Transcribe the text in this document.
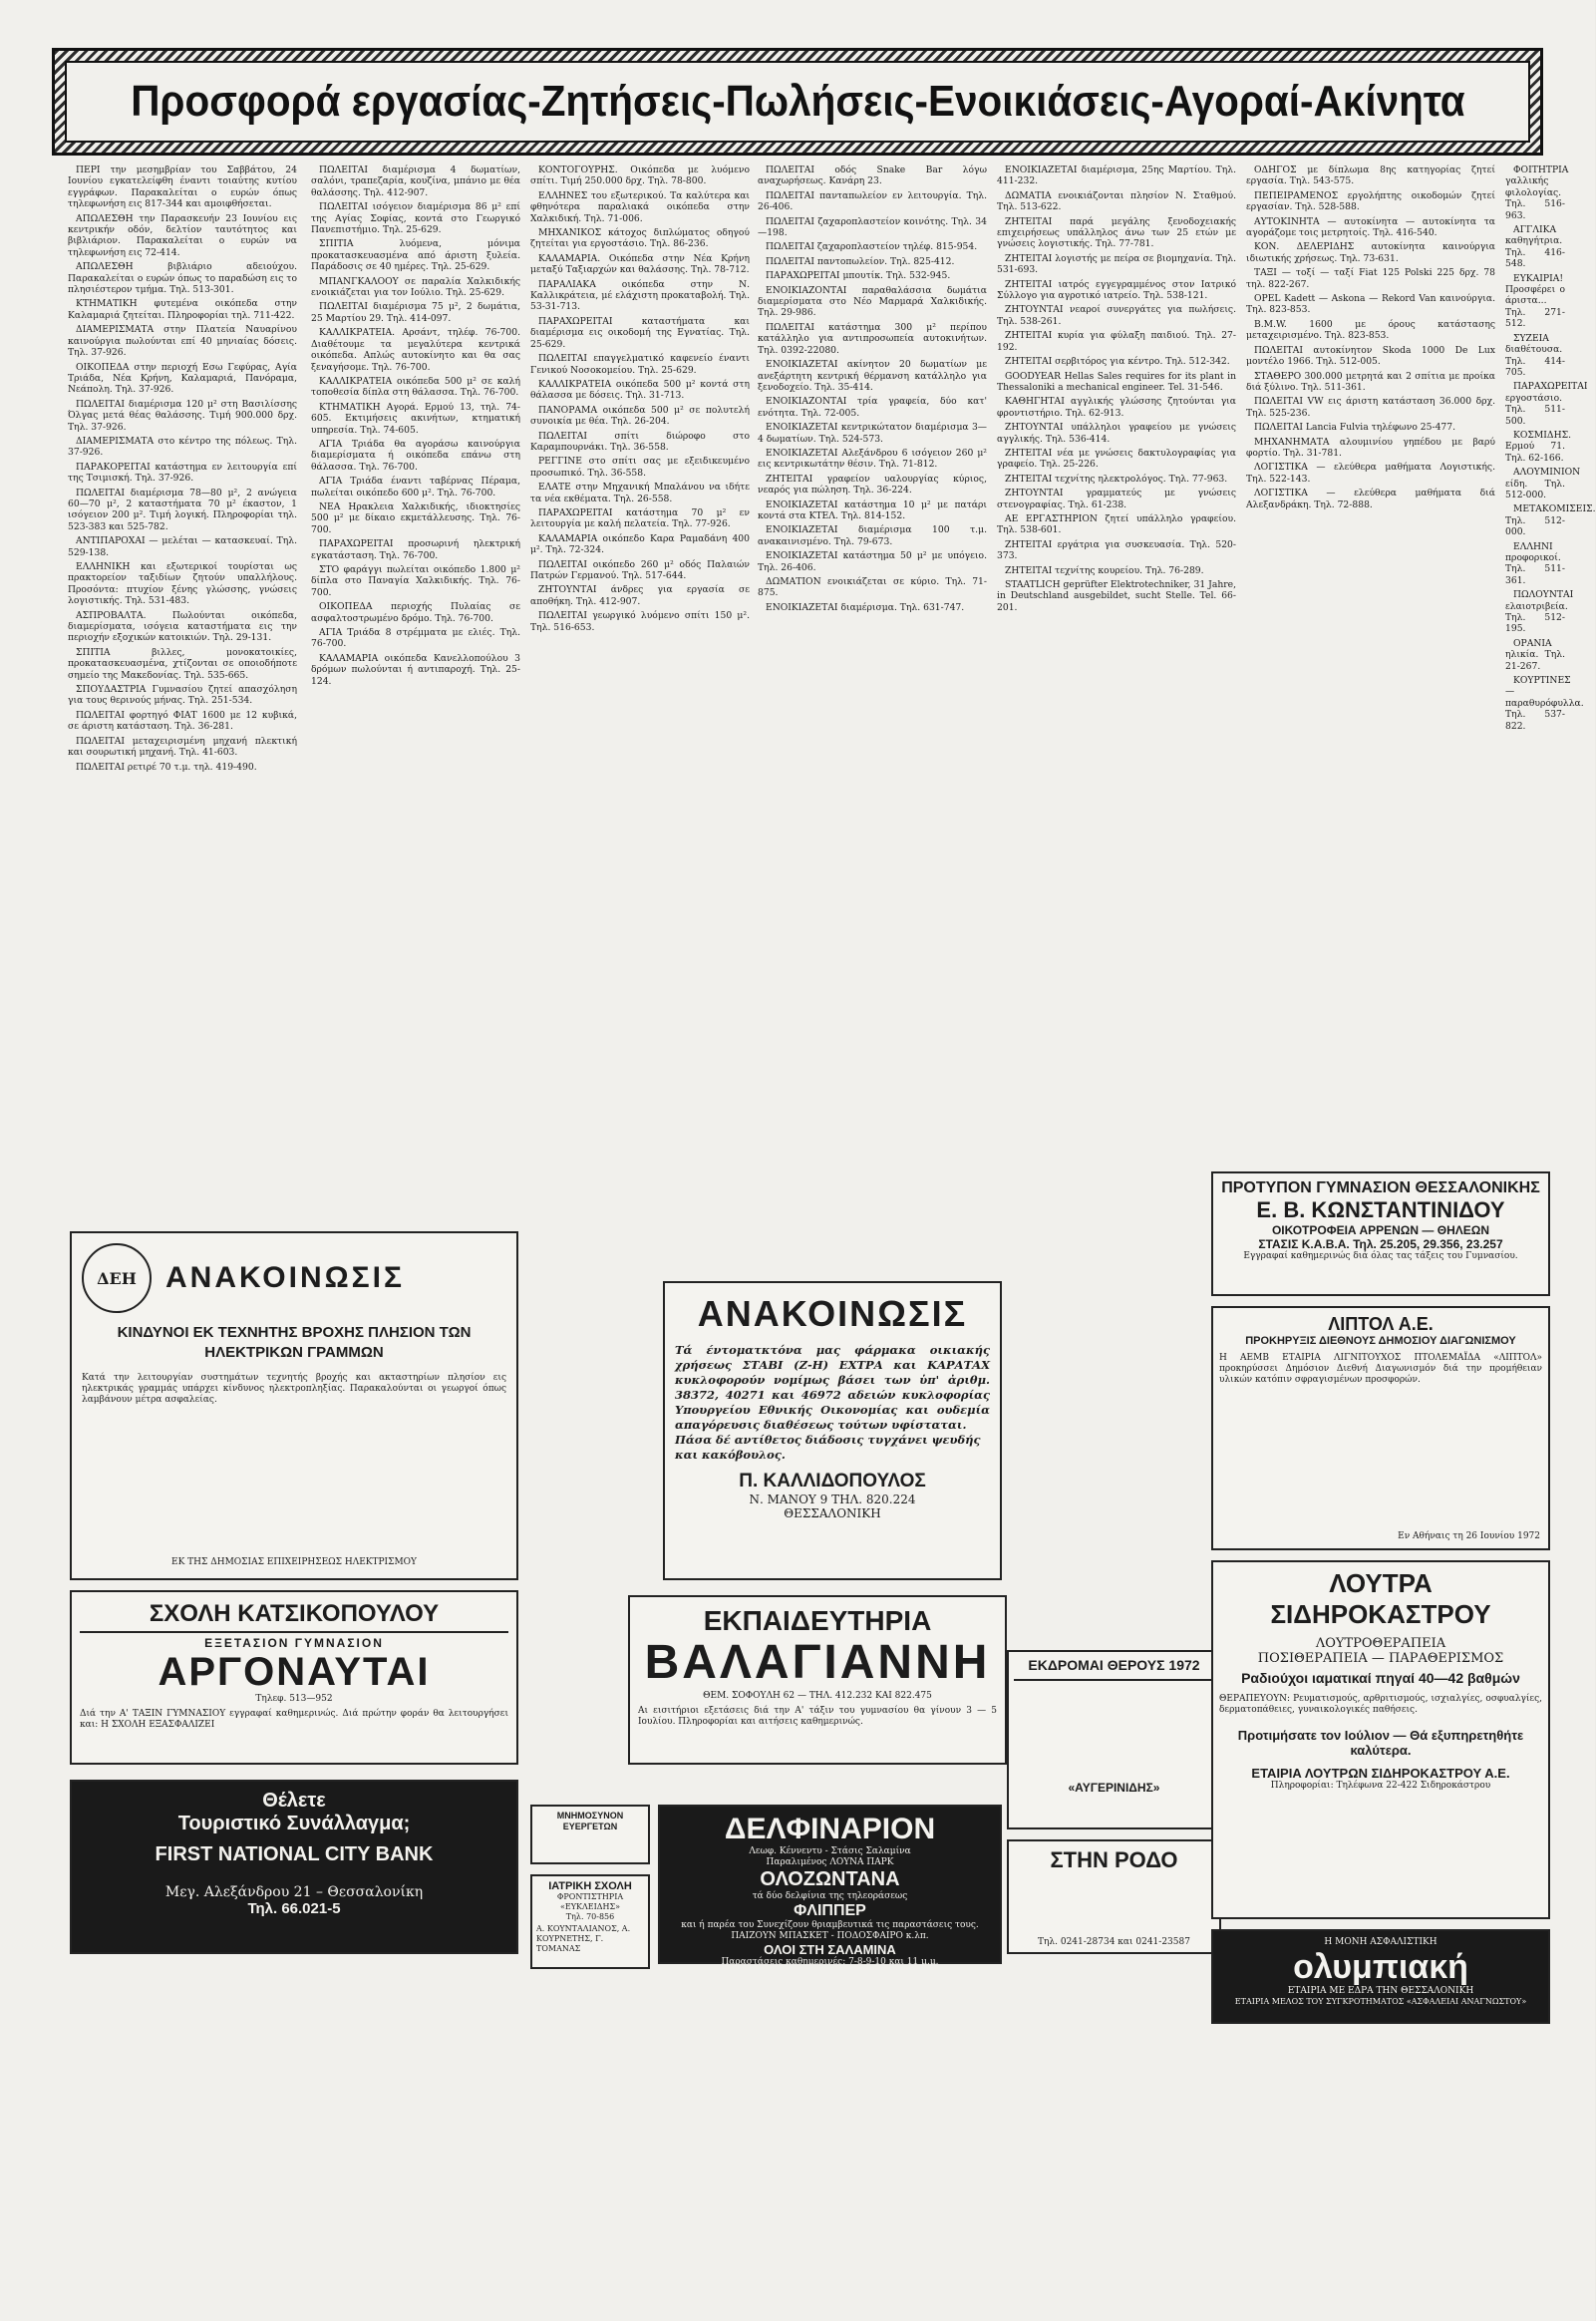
Προσφορά εργασίας-Ζητήσεις-Πωλήσεις-Ενοικιάσεις-Αγοραί-Ακίνητα

ΠΕΡΙ την μεσημβρίαν του Σαββάτου, 24 Ιουνίου εγκατελείφθη έναντι τοιαύτης κυτίου εγγράφων. Παρακαλείται ο ευρών όπως τηλεφωνήση εις 817-344 και αμοιφθήσεται.

ΑΠΩΛΕΣΘΗ την Παρασκευήν 23 Ιουνίου εις κεντρικήν οδόν, δελτίον ταυτότητος και βιβλιάριον. Παρακαλείται ο ευρών να τηλεφωνήση εις 72-414.

ΑΠΩΛΕΣΘΗ βιβλιάριο αδειούχου. Παρακαλείται ο ευρών όπως το παραδώση εις το πλησιέστερον τμήμα. Τηλ. 513-301.

ΚΤΗΜΑΤΙΚΗ φυτεμένα οικόπεδα στην Καλαμαριά ζητείται. Πληροφορίαι τηλ. 711-422.

ΔΙΑΜΕΡΙΣΜΑΤΑ στην Πλατεία Ναυαρίνου καινούργια πωλούνται επί 40 μηνιαίας δόσεις. Τηλ. 37-926.

ΟΙΚΟΠΕΔΑ στην περιοχή Εσω Γεφύρας, Αγία Τριάδα, Νέα Κρήνη, Καλαμαριά, Πανόραμα, Νεάπολη. Τηλ. 37-926.

ΠΩΛΕΙΤΑΙ διαμέρισμα 120 μ² στη Βασιλίσσης Όλγας μετά θέας θαλάσσης. Τιμή 900.000 δρχ. Τηλ. 37-926.

ΔΙΑΜΕΡΙΣΜΑΤΑ στο κέντρο της πόλεως. Τηλ. 37-926.

ΠΑΡΑΚΟΡΕΙΤΑΙ κατάστημα εν λειτουργία επί της Τσιμισκή. Τηλ. 37-926.

ΠΩΛΕΙΤΑΙ διαμέρισμα 78—80 μ², 2 ανώγεια 60—70 μ², 2 καταστήματα 70 μ² έκαστον, 1 ισόγειον 200 μ². Τιμή λογική. Πληροφορίαι τηλ. 523-383 και 525-782.

ΑΝΤΙΠΑΡΟΧΑΙ — μελέται — κατασκευαί. Τηλ. 529-138.

ΕΛΛΗΝΙΚΗ και εξωτερικοί τουρίσται ως πρακτορείον ταξιδίων ζητούν υπαλλήλους. Προσόντα: πτυχίον ξένης γλώσσης, γνώσεις λογιστικής. Τηλ. 531-483.

ΑΣΠΡΟΒΑΛΤΑ. Πωλούνται οικόπεδα, διαμερίσματα, ισόγεια καταστήματα εις την περιοχήν εξοχικών κατοικιών. Τηλ. 29-131.

ΣΠΙΤΙΑ βιλλες, μονοκατοικίες, προκατασκευασμένα, χτίζονται σε οποιοδήποτε σημείο της Μακεδονίας. Τηλ. 535-665.

ΣΠΟΥΔΑΣΤΡΙΑ Γυμνασίου ζητεί απασχόληση για τους θερινούς μήνας. Τηλ. 251-534.

ΠΩΛΕΙΤΑΙ φορτηγό ΦΙΑΤ 1600 με 12 κυβικά, σε άριστη κατάσταση. Τηλ. 36-281.

ΠΩΛΕΙΤΑΙ μεταχειρισμένη μηχανή πλεκτική και σουρωτική μηχανή. Τηλ. 41-603.

ΠΩΛΕΙΤΑΙ ρετιρέ 70 τ.μ. τηλ. 419-490.

ΠΩΛΕΙΤΑΙ διαμέρισμα 4 δωματίων, σαλόνι, τραπεζαρία, κουζίνα, μπάνιο με θέα θαλάσσης. Τηλ. 412-907.

ΠΩΛΕΙΤΑΙ ισόγειον διαμέρισμα 86 μ² επί της Αγίας Σοφίας, κοντά στο Γεωργικό Πανεπιστήμιο. Τηλ. 25-629.

ΣΠΙΤΙΑ λυόμενα, μόνιμα προκατασκευασμένα από άριστη ξυλεία. Παράδοσις σε 40 ημέρες. Τηλ. 25-629.

ΜΠΑΝΓΚΑΛΟΟΥ σε παραλία Χαλκιδικής ενοικιάζεται για τον Ιούλιο. Τηλ. 25-629.

ΠΩΛΕΙΤΑΙ διαμέρισμα 75 μ², 2 δωμάτια, 25 Μαρτίου 29. Τηλ. 414-097.

ΚΑΛΛΙΚΡΑΤΕΙΑ. Αρσάντ, τηλέφ. 76-700. Διαθέτουμε τα μεγαλύτερα κεντρικά οικόπεδα. Απλώς αυτοκίνητο και θα σας ξεναγήσομε. Τηλ. 76-700.

ΚΑΛΛΙΚΡΑΤΕΙΑ οικόπεδα 500 μ² σε καλή τοποθεσία δίπλα στη θάλασσα. Τηλ. 76-700.

ΚΤΗΜΑΤΙΚΗ Αγορά. Ερμού 13, τηλ. 74-605. Εκτιμήσεις ακινήτων, κτηματική υπηρεσία. Τηλ. 74-605.

ΑΓΙΑ Τριάδα θα αγοράσω καινούργια διαμερίσματα ή οικόπεδα επάνω στη θάλασσα. Τηλ. 76-700.

ΑΓΙΑ Τριάδα έναντι ταβέρνας Πέραμα, πωλείται οικόπεδο 600 μ². Τηλ. 76-700.

ΝΕΑ Ηρακλεια Χαλκιδικής, ιδιοκτησίες 500 μ² με δίκαιο εκμετάλλευσης. Τηλ. 76-700.

ΠΑΡΑΧΩΡΕΙΤΑΙ προσωρινή ηλεκτρική εγκατάσταση. Τηλ. 76-700.

ΣΤΟ φαράγγι πωλείται οικόπεδο 1.800 μ² δίπλα στο Παναγία Χαλκιδικής. Τηλ. 76-700.

ΟΙΚΟΠΕΔΑ περιοχής Πυλαίας σε ασφαλτοστρωμένο δρόμο. Τηλ. 76-700.

ΑΓΙΑ Τριάδα 8 στρέμματα με ελιές. Τηλ. 76-700.

ΚΑΛΑΜΑΡΙΑ οικόπεδα Κανελλοπούλου 3 δρόμων πωλούνται ή αντιπαροχή. Τηλ. 25-124.

ΚΟΝΤΟΓΟΥΡΗΣ. Οικόπεδα με λυόμενο σπίτι. Τιμή 250.000 δρχ. Τηλ. 78-800.

ΕΛΛΗΝΕΣ του εξωτερικού. Τα καλύτερα και φθηνότερα παραλιακά οικόπεδα στην Χαλκιδική. Τηλ. 71-006.

ΜΗΧΑΝΙΚΟΣ κάτοχος διπλώματος οδηγού ζητείται για εργοστάσιο. Τηλ. 86-236.

ΚΑΛΑΜΑΡΙΑ. Οικόπεδα στην Νέα Κρήνη μεταξύ Ταξιαρχών και θαλάσσης. Τηλ. 78-712.

ΠΑΡΑΛΙΑΚΑ οικόπεδα στην Ν. Καλλικράτεια, μέ ελάχιστη προκαταβολή. Τηλ. 53-31-713.

ΠΑΡΑΧΩΡΕΙΤΑΙ καταστήματα και διαμέρισμα εις οικοδομή της Εγνατίας. Τηλ. 25-629.

ΠΩΛΕΙΤΑΙ επαγγελματικό καφενείο έναντι Γενικού Νοσοκομείου. Τηλ. 25-629.

ΚΑΛΛΙΚΡΑΤΕΙΑ οικόπεδα 500 μ² κοντά στη θάλασσα με δόσεις. Τηλ. 31-713.

ΠΑΝΟΡΑΜΑ οικόπεδα 500 μ² σε πολυτελή συνοικία με θέα. Τηλ. 26-204.

ΠΩΛΕΙΤΑΙ σπίτι διώροφο στο Καραμπουρνάκι. Τηλ. 36-558.

ΡΕΓΓΙΝΕ στο σπίτι σας με εξειδικευμένο προσωπικό. Τηλ. 36-558.

ΕΛΑΤΕ στην Μηχανική Μπαλάνου να ιδήτε τα νέα εκθέματα. Τηλ. 26-558.

ΠΑΡΑΧΩΡΕΙΤΑΙ κατάστημα 70 μ² εν λειτουργία με καλή πελατεία. Τηλ. 77-926.

ΚΑΛΑΜΑΡΙΑ οικόπεδο Καρα Ραμαδάνη 400 μ². Τηλ. 72-324.

ΠΩΛΕΙΤΑΙ οικόπεδο 260 μ² οδός Παλαιών Πατρών Γερμανού. Τηλ. 517-644.

ΖΗΤΟΥΝΤΑΙ άνδρες για εργασία σε αποθήκη. Τηλ. 412-907.

ΠΩΛΕΙΤΑΙ γεωργικό λυόμενο σπίτι 150 μ². Τηλ. 516-653.

ΠΩΛΕΙΤΑΙ οδός Snake Bar λόγω αναχωρήσεως. Κανάρη 23.

ΠΩΛΕΙΤΑΙ πανταπωλείον εν λειτουργία. Τηλ. 26-406.

ΠΩΛΕΙΤΑΙ ζαχαροπλαστείον κοινότης. Τηλ. 34—198.

ΠΩΛΕΙΤΑΙ ζαχαροπλαστείον τηλέφ. 815-954.

ΠΩΛΕΙΤΑΙ παντοπωλείον. Τηλ. 825-412.

ΠΑΡΑΧΩΡΕΙΤΑΙ μπουτίκ. Τηλ. 532-945.

ΕΝΟΙΚΙΑΖΟΝΤΑΙ παραθαλάσσια δωμάτια διαμερίσματα στο Νέο Μαρμαρά Χαλκιδικής. Τηλ. 29-986.

ΠΩΛΕΙΤΑΙ κατάστημα 300 μ² περίπου κατάλληλο για αντιπροσωπεία αυτοκινήτων. Τηλ. 0392-22080.

ΕΝΟΙΚΙΑΖΕΤΑΙ ακίνητον 20 δωματίων με ανεξάρτητη κεντρική θέρμανση κατάλληλο για ξενοδοχείο. Τηλ. 35-414.

ΕΝΟΙΚΙΑΖΟΝΤΑΙ τρία γραφεία, δύο κατ' ενότητα. Τηλ. 72-005.

ΕΝΟΙΚΙΑΖΕΤΑΙ κεντρικώτατον διαμέρισμα 3—4 δωματίων. Τηλ. 524-573.

ΕΝΟΙΚΙΑΖΕΤΑΙ Αλεξάνδρου 6 ισόγειον 260 μ² εις κεντρικωτάτην θέσιν. Τηλ. 71-812.

ΖΗΤΕΙΤΑΙ γραφείον υαλουργίας κύριος, νεαρός για πώληση. Τηλ. 36-224.

ΕΝΟΙΚΙΑΖΕΤΑΙ κατάστημα 10 μ² με πατάρι κοντά στα ΚΤΕΛ. Τηλ. 814-152.

ΕΝΟΙΚΙΑΖΕΤΑΙ διαμέρισμα 100 τ.μ. ανακαινισμένο. Τηλ. 79-673.

ΕΝΟΙΚΙΑΖΕΤΑΙ κατάστημα 50 μ² με υπόγειο. Τηλ. 26-406.

ΔΩΜΑΤΙΟΝ ενοικιάζεται σε κύριο. Τηλ. 71-875.

ΕΝΟΙΚΙΑΖΕΤΑΙ διαμέρισμα. Τηλ. 631-747.

ΕΝΟΙΚΙΑΖΕΤΑΙ διαμέρισμα, 25ης Μαρτίου. Τηλ. 411-232.

ΔΩΜΑΤΙΑ ενοικιάζονται πλησίον Ν. Σταθμού. Τηλ. 513-622.

ΖΗΤΕΙΤΑΙ παρά μεγάλης ξενοδοχειακής επιχειρήσεως υπάλληλος άνω των 25 ετών με γνώσεις λογιστικής. Τηλ. 77-781.

ΖΗΤΕΙΤΑΙ λογιστής με πείρα σε βιομηχανία. Τηλ. 531-693.

ΖΗΤΕΙΤΑΙ ιατρός εγγεγραμμένος στον Ιατρικό Σύλλογο για αγροτικό ιατρείο. Τηλ. 538-121.

ΖΗΤΟΥΝΤΑΙ νεαροί συνεργάτες για πωλήσεις. Τηλ. 538-261.

ΖΗΤΕΙΤΑΙ κυρία για φύλαξη παιδιού. Τηλ. 27-192.

ΖΗΤΕΙΤΑΙ σερβιτόρος για κέντρο. Τηλ. 512-342.

GOODYEAR Hellas Sales requires for its plant in Thessaloniki a mechanical engineer. Tel. 31-546.

ΚΑΘΗΓΗΤΑΙ αγγλικής γλώσσης ζητούνται για φροντιστήριο. Τηλ. 62-913.

ΖΗΤΟΥΝΤΑΙ υπάλληλοι γραφείου με γνώσεις αγγλικής. Τηλ. 536-414.

ΖΗΤΕΙΤΑΙ νέα με γνώσεις δακτυλογραφίας για γραφείο. Τηλ. 25-226.

ΖΗΤΕΙΤΑΙ τεχνίτης ηλεκτρολόγος. Τηλ. 77-963.

ΖΗΤΟΥΝΤΑΙ γραμματεύς με γνώσεις στενογραφίας. Τηλ. 61-238.

ΑΕ ΕΡΓΑΣΤΗΡΙΟΝ ζητεί υπάλληλο γραφείου. Τηλ. 538-601.

ΖΗΤΕΙΤΑΙ εργάτρια για συσκευασία. Τηλ. 520-373.

ΖΗΤΕΙΤΑΙ τεχνίτης κουρείου. Τηλ. 76-289.

STAATLICH geprüfter Elektrotechniker, 31 Jahre, in Deutschland ausgebildet, sucht Stelle. Tel. 66-201.

ΟΔΗΓΟΣ με δίπλωμα 8ης κατηγορίας ζητεί εργασία. Τηλ. 543-575.

ΠΕΠΕΙΡΑΜΕΝΟΣ εργολήπτης οικοδομών ζητεί εργασίαν. Τηλ. 528-588.

ΑΥΤΟΚΙΝΗΤΑ — αυτοκίνητα — αυτοκίνητα τα αγοράζομε τοις μετρητοίς. Τηλ. 416-540.

ΚΟΝ. ΔΕΛΕΡΙΔΗΣ αυτοκίνητα καινούργια ιδιωτικής χρήσεως. Τηλ. 73-631.

ΤΑΞΙ — τοξί — ταξί Fiat 125 Polski 225 δρχ. 78 τηλ. 822-267.

OPEL Kadett — Askona — Rekord Van καινούργια. Τηλ. 823-853.

B.M.W. 1600 με όρους κατάστασης μεταχειρισμένο. Τηλ. 823-853.

ΠΩΛΕΙΤΑΙ αυτοκίνητον Skoda 1000 De Lux μοντέλο 1966. Τηλ. 512-005.

ΣΤΑΘΕΡΟ 300.000 μετρητά και 2 σπίτια με προίκα διά ξύλινο. Τηλ. 511-361.

ΠΩΛΕΙΤΑΙ VW εις άριστη κατάσταση 36.000 δρχ. Τηλ. 525-236.

ΠΩΛΕΙΤΑΙ Lancia Fulvia τηλέφωνο 25-477.

ΜΗΧΑΝΗΜΑΤΑ αλουμινίου γηπέδου με βαρύ φορτίο. Τηλ. 31-781.

ΛΟΓΙΣΤΙΚΑ — ελεύθερα μαθήματα Λογιστικής. Τηλ. 522-143.

ΛΟΓΙΣΤΙΚΑ — ελεύθερα μαθήματα διά Αλεξανδράκη. Τηλ. 72-888.

ΦΟΙΤΗΤΡΙΑ γαλλικής φιλολογίας. Τηλ. 516-963.

ΑΓΓΛΙΚΑ καθηγήτρια. Τηλ. 416-548.

ΕΥΚΑΙΡΙΑ! Προσφέρει ο άριστα... Τηλ. 271-512.

ΣΥΖΕΙΑ διαθέτουσα. Τηλ. 414-705.

ΠΑΡΑΧΩΡΕΙΤΑΙ εργοστάσιο. Τηλ. 511-500.

ΚΟΣΜΙΔΗΣ. Ερμού 71. Τηλ. 62-166.

ΑΛΟΥΜΙΝΙΟΝ είδη. Τηλ. 512-000.

ΜΕΤΑΚΟΜΙΣΕΙΣ. Τηλ. 512-000.

ΕΛΛΗΝΙ προφορικοί. Τηλ. 511-361.

ΠΩΛΟΥΝΤΑΙ ελαιοτριβεία. Τηλ. 512-195.

ΟΡΑΝΙΑ ηλικία. Τηλ. 21-267.

ΚΟΥΡΤΙΝΕΣ — παραθυρόφυλλα. Τηλ. 537-822.

ΔΕΗ ΑΝΑΚΟΙΝΩΣΙΣ
ΚΙΝΔΥΝΟΙ ΕΚ ΤΕΧΝΗΤΗΣ ΒΡΟΧΗΣ ΠΛΗΣΙΟΝ ΤΩΝ ΗΛΕΚΤΡΙΚΩΝ ΓΡΑΜΜΩΝ
Κατά την λειτουργίαν συστημάτων τεχνητής βροχής και ακταστηρίων πλησίον εις ηλεκτρικάς γραμμάς υπάρχει κίνδυνος ηλεκτροπληξίας. Παρακαλούνται οι γεωργοί όπως λαμβάνουν μέτρα ασφαλείας.
ΕΚ ΤΗΣ ΔΗΜΟΣΙΑΣ ΕΠΙΧΕΙΡΗΣΕΩΣ ΗΛΕΚΤΡΙΣΜΟΥ
ΣΧΟΛΗ ΚΑΤΣΙΚΟΠΟΥΛΟΥ
ΕΞΕΤΑΣΙΟΝ ΓΥΜΝΑΣΙΟΝ
ΑΡΓΟΝΑΥΤΑΙ
Τηλεφ. 513—952
Διά την Α' ΤΑΞΙΝ ΓΥΜΝΑΣΙΟΥ εγγραφαί καθημερινώς. Διά πρώτην φοράν θα λειτουργήσει και: Η ΣΧΟΛΗ ΕΞΑΣΦΑΛΙΖΕΙ
Θέλετε
Τουριστικό Συνάλλαγμα;
FIRST NATIONAL CITY BANK
Μεγ. Αλεξάνδρου 21 – Θεσσαλονίκη
Τηλ. 66.021-5
ΑΝΑΚΟΙΝΩΣΙΣ
Τά έντοματκτόνα μας φάρμακα οικιακής χρήσεως ΣΤΑΒΙ (Ζ-Η) ΕΧΤΡΑ και ΚΑΡΑΤΑΧ κυκλοφορούν νομίμως βάσει των ὑπ' ἀριθμ. 38372, 40271 και 46972 αδειών κυκλοφορίας Υπουργείου Εθνικής Οικονομίας και ουδεμία απαγόρευσις διαθέσεως τούτων υφίσταται.
Πάσα δέ αντίθετος διάδοσις τυγχάνει ψευδής και κακόβουλος.
Π. ΚΑΛΛΙΔΟΠΟΥΛΟΣ
Ν. ΜΑΝΟΥ 9 ΤΗΛ. 820.224
ΘΕΣΣΑΛΟΝΙΚΗ
ΕΚΠΑΙΔΕΥΤΗΡΙΑ
ΒΑΛΑΓΙΑΝΝΗ
ΘΕΜ. ΣΟΦΟΥΛΗ 62 — ΤΗΛ. 412.232 ΚΑΙ 822.475
Αι εισιτήριοι εξετάσεις διά την Α' τάξιν του γυμνασίου θα γίνουν 3 — 5 Ιουλίου. Πληροφορίαι και αιτήσεις καθημερινώς.
ΔΕΛΦΙΝΑΡΙΟΝ
Λεωφ. Κέννεντυ - Στάσις Σαλαμίνα
Παραλιμένος ΛΟΥΝΑ ΠΑΡΚ
ΟΛΟΖΩΝΤΑΝΑ
τά δύο δελφίνια της τηλεοράσεως
ΦΛΙΠΠΕΡ
και ή παρέα του Συνεχίζουν θριαμβευτικά τις παραστάσεις τους. ΠΑΙΖΟΥΝ ΜΠΑΣΚΕΤ - ΠΟΔΟΣΦΑΙΡΟ κ.λπ.
ΟΛΟΙ ΣΤΗ ΣΑΛΑΜΙΝΑ
Παραστάσεις καθημερινές: 7-8-9-10 και 11 μ.μ.
ΜΝΗΜΟΣΥΝΟΝ ΕΥΕΡΓΕΤΩΝ
ΙΑΤΡΙΚΗ ΣΧΟΛΗ
ΦΡΟΝΤΙΣΤΗΡΙΑ «ΕΥΚΛΕΙΔΗΣ»
Τηλ. 70-856
Α. ΚΟΥΝΤΑΛΙΑΝΟΣ, Α. ΚΟΥΡΝΕΤΗΣ, Γ. ΤΟΜΑΝΑΣ
ΕΚΔΡΟΜΑΙ ΘΕΡΟΥΣ 1972
«ΑΥΓΕΡΙΝΙΔΗΣ»
ΣΤΗΝ ΡΟΔΟ
Τηλ. 0241-28734 και 0241-23587
ΠΡΟΤΥΠΟΝ ΓΥΜΝΑΣΙΟΝ ΘΕΣΣΑΛΟΝΙΚΗΣ
Ε. Β. ΚΩΝΣΤΑΝΤΙΝΙΔΟΥ
ΟΙΚΟΤΡΟΦΕΙΑ ΑΡΡΕΝΩΝ — ΘΗΛΕΩΝ
ΣΤΑΣΙΣ Κ.Α.Β.Α. Τηλ. 25.205, 29.356, 23.257
Εγγραφαί καθημερινώς διά όλας τας τάξεις του Γυμνασίου.
ΛΙΠΤΟΛ Α.Ε.
ΠΡΟΚΗΡΥΞΙΣ ΔΙΕΘΝΟΥΣ ΔΗΜΟΣΙΟΥ ΔΙΑΓΩΝΙΣΜΟΥ
Η ΑΕΜΒ ΕΤΑΙΡΙΑ ΛΙΓΝΙΤΟΥΧΟΣ ΠΤΟΛΕΜΑΪΔΑ «ΛΙΠΤΟΛ» προκηρύσσει Δημόσιον Διεθνή Διαγωνισμόν διά την προμήθειαν υλικών κατόπιν σφραγισμένων προσφορών.
Εν Αθήναις τη 26 Ιουνίου 1972
ΛΟΥΤΡΑ ΣΙΔΗΡΟΚΑΣΤΡΟΥ
ΛΟΥΤΡΟΘΕΡΑΠΕΙΑ
ΠΟΣΙΘΕΡΑΠΕΙΑ — ΠΑΡΑΘΕΡΙΣΜΟΣ
Ραδιούχοι ιαματικαί πηγαί 40—42 βαθμών
ΘΕΡΑΠΕΥΟΥΝ: Ρευματισμούς, αρθριτισμούς, ισχιαλγίες, οσφυαλγίες, δερματοπάθειες, γυναικολογικές παθήσεις.
Προτιμήσατε τον Ιούλιον — Θά εξυπηρετηθήτε καλύτερα.
ΕΤΑΙΡΙΑ ΛΟΥΤΡΩΝ ΣΙΔΗΡΟΚΑΣΤΡΟΥ Α.Ε.
Πληροφορίαι: Τηλέφωνα 22-422 Σιδηροκάστρου
Η ΜΟΝΗ ΑΣΦΑΛΙΣΤΙΚΗ
ολυμπιακή
ΕΤΑΙΡΙΑ ΜΕ ΕΔΡΑ ΤΗΝ ΘΕΣΣΑΛΟΝΙΚΗ
ΕΤΑΙΡΙΑ ΜΕΛΟΣ ΤΟΥ ΣΥΓΚΡΟΤΗΜΑΤΟΣ «ΑΣΦΑΛΕΙΑΙ ΑΝΑΓΝΩΣΤΟΥ»
